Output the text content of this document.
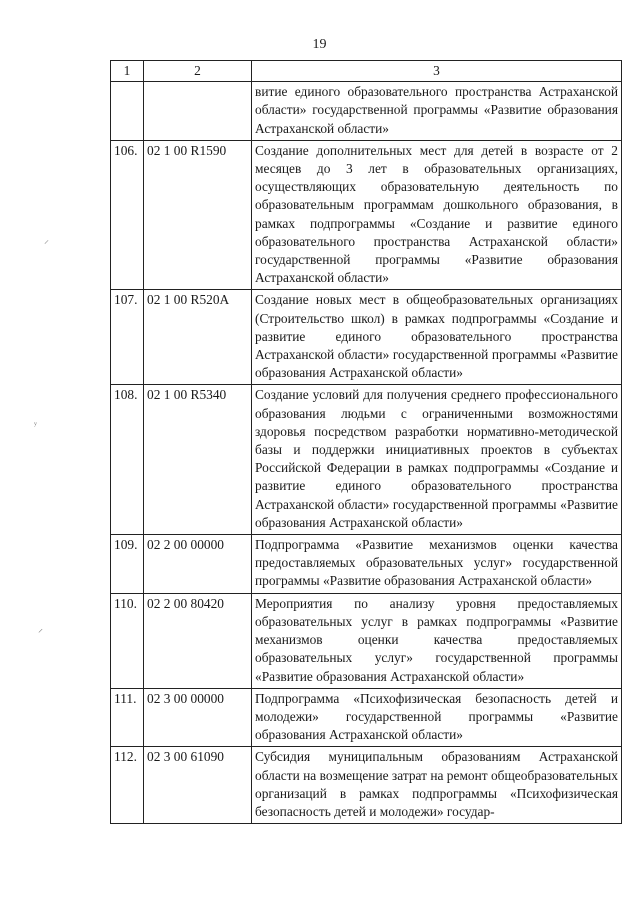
19
1	2	3
		витие единого образовательного пространства Астраханской области» государственной программы «Развитие образования Астраханской области»
106.	02 1 00 R1590	Создание дополнительных мест для детей в возрасте от 2 месяцев до 3 лет в образовательных организациях, осуществляющих образовательную деятельность по образовательным программам дошкольного образования, в рамках подпрограммы «Создание и развитие единого образовательного пространства Астраханской области» государственной программы «Развитие образования Астраханской области»
107.	02 1 00 R520A	Создание новых мест в общеобразовательных организациях (Строительство школ) в рамках подпрограммы «Создание и развитие единого образовательного пространства Астраханской области» государственной программы «Развитие образования Астраханской области»
108.	02 1 00 R5340	Создание условий для получения среднего профессионального образования людьми с ограниченными возможностями здоровья посредством разработки нормативно-методической базы и поддержки инициативных проектов в субъектах Российской Федерации в рамках подпрограммы «Создание и развитие единого образовательного пространства Астраханской области» государственной программы «Развитие образования Астраханской области»
109.	02 2 00 00000	Подпрограмма «Развитие механизмов оценки качества предоставляемых образовательных услуг» государственной программы «Развитие образования Астраханской области»
110.	02 2 00 80420	Мероприятия по анализу уровня предоставляемых образовательных услуг в рамках подпрограммы «Развитие механизмов оценки качества предоставляемых образовательных услуг» государственной программы «Развитие образования Астраханской области»
111.	02 3 00 00000	Подпрограмма «Психофизическая безопасность детей и молодежи» государственной программы «Развитие образования Астраханской области»
112.	02 3 00 61090	Субсидия муниципальным образованиям Астраханской области на возмещение затрат на ремонт общеобразовательных организаций в рамках подпрограммы «Психофизическая безопасность детей и молодежи» государ-
⸝
ʸ
⸍
